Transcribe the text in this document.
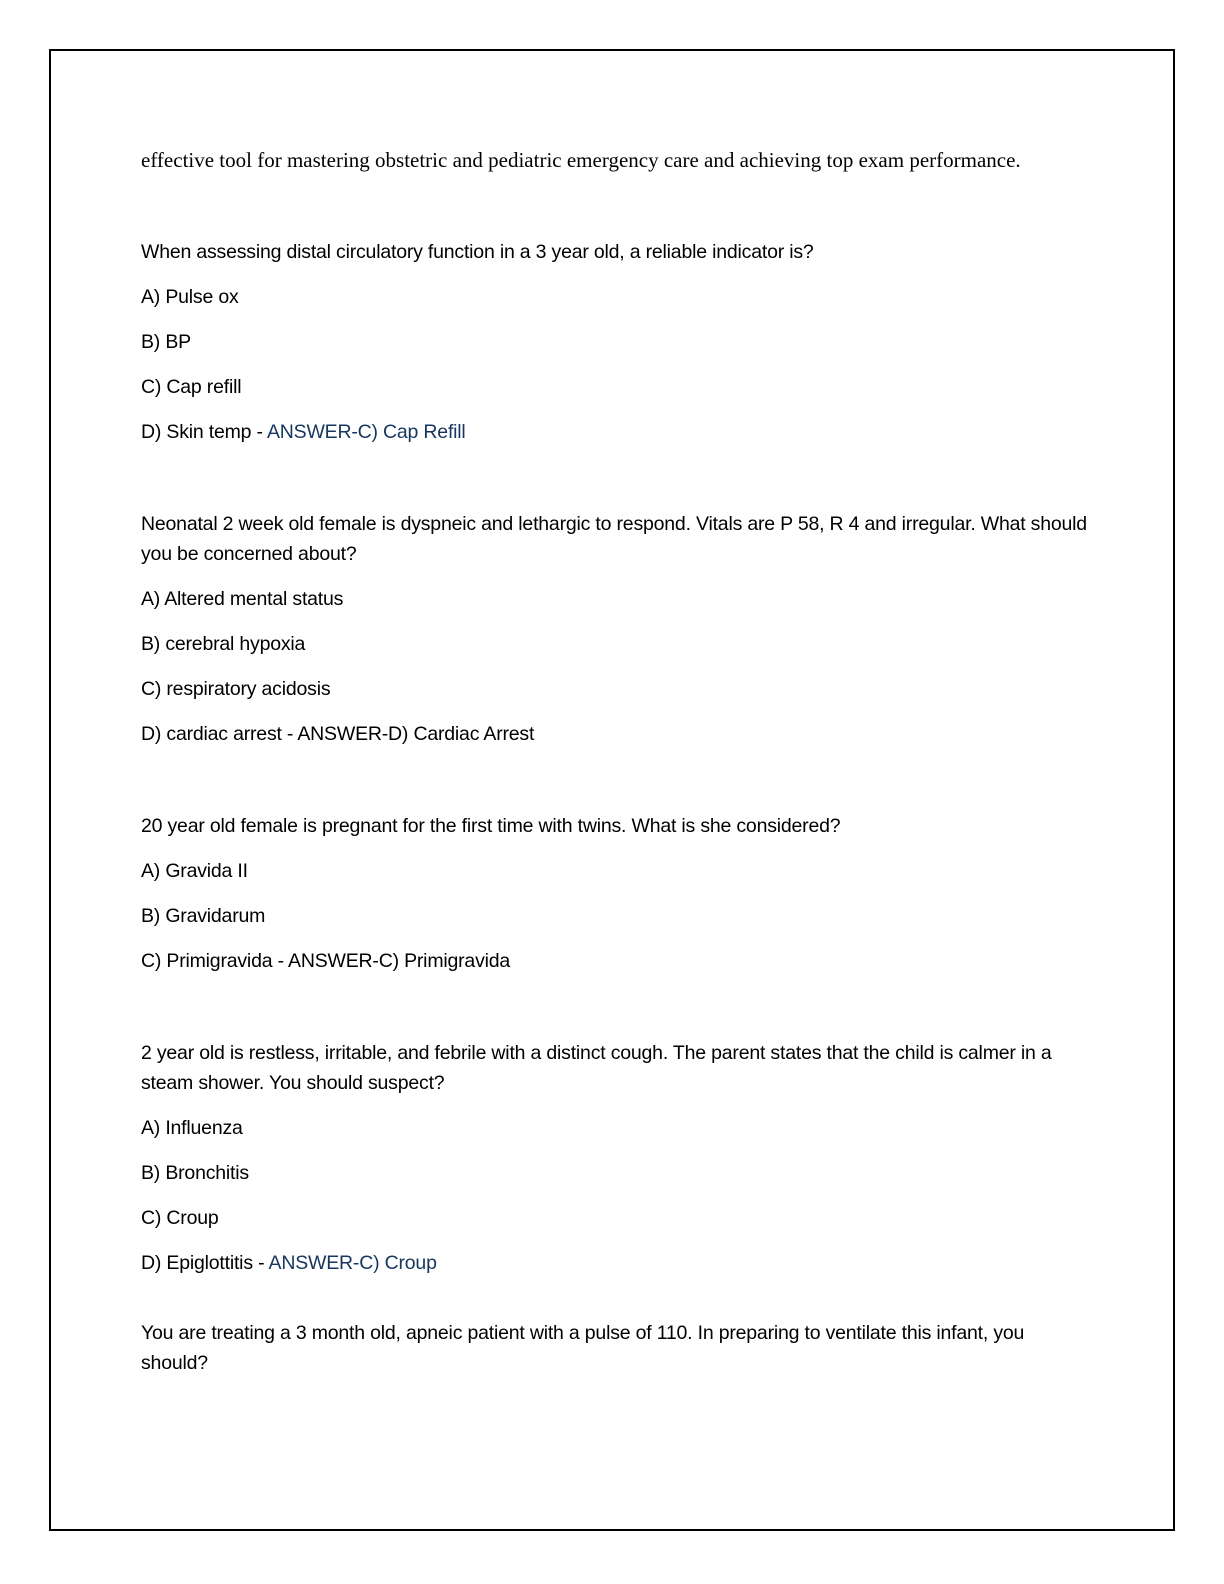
effective tool for mastering obstetric and pediatric emergency care and achieving top exam performance.

When assessing distal circulatory function in a 3 year old, a reliable indicator is?

A) Pulse ox

B) BP

C) Cap refill

D) Skin temp - ANSWER-C) Cap Refill

Neonatal 2 week old female is dyspneic and lethargic to respond. Vitals are P 58, R 4 and irregular. What should you be concerned about?

A) Altered mental status

B) cerebral hypoxia

C) respiratory acidosis

D) cardiac arrest - ANSWER-D) Cardiac Arrest

20 year old female is pregnant for the first time with twins. What is she considered?

A) Gravida II

B) Gravidarum

C) Primigravida - ANSWER-C) Primigravida

2 year old is restless, irritable, and febrile with a distinct cough. The parent states that the child is calmer in a steam shower. You should suspect?

A) Influenza

B) Bronchitis

C) Croup

D) Epiglottitis - ANSWER-C) Croup

You are treating a 3 month old, apneic patient with a pulse of 110. In preparing to ventilate this infant, you should?
